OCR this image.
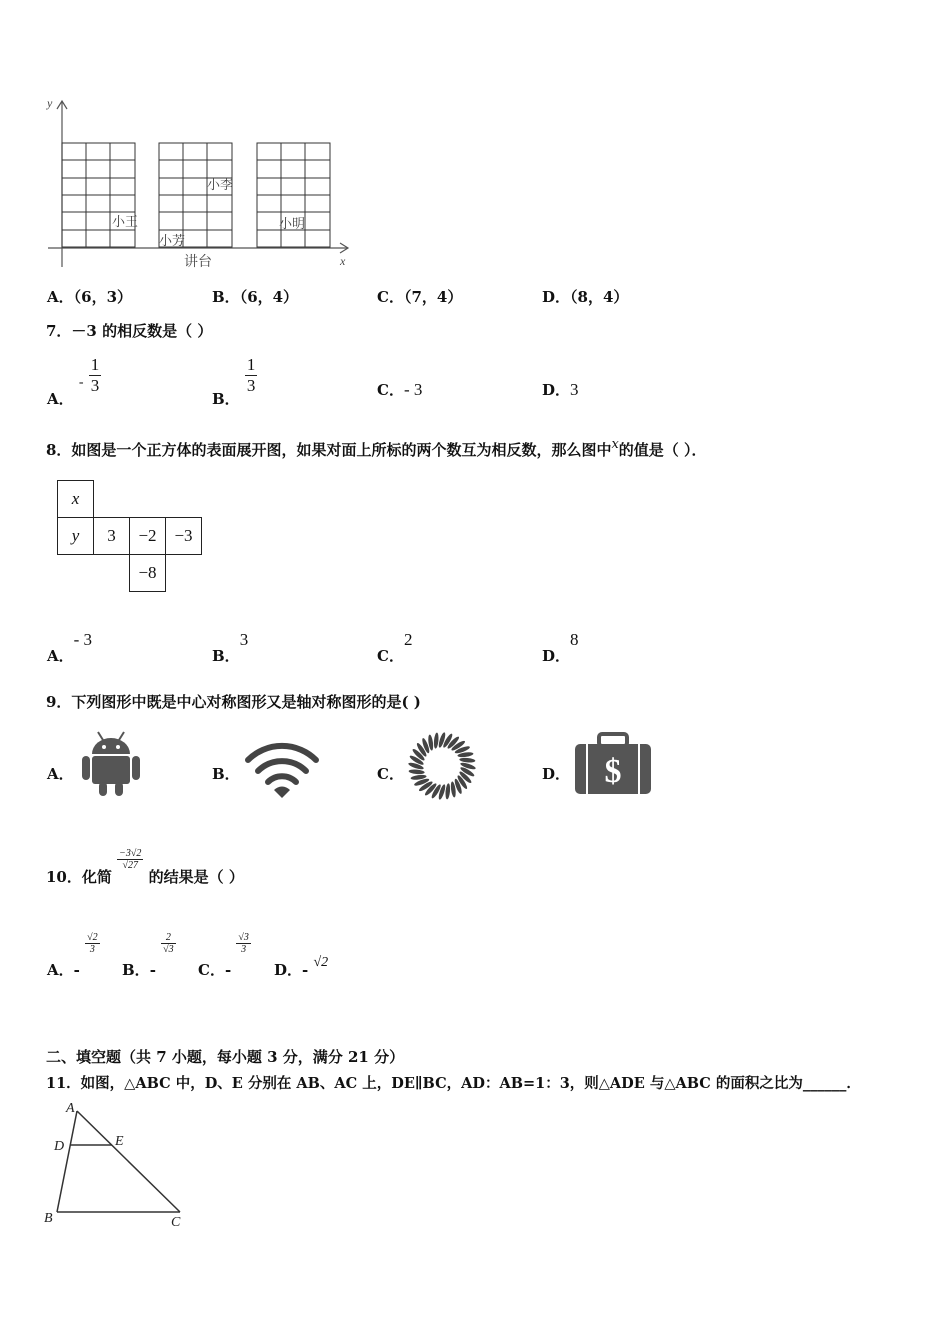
y
x
小王
小芳
小李
小明
讲台
A．（6，3）	B．（6，4）	C．（7，4）	D．（8，4）
7．－3 的相反数是（ ）
A． - $\frac{1}{3}$
B．
$\frac{1}{3}$	C．- 3	D．3
8．如图是一个正方体的表面展开图，如果对面上所标的两个数互为相反数，那么图中x的值是（ ）．
x			
y	3	−2	−3
		−8	
A．- 3
B．3
C．2
D．8
9．下列图形中既是中心对称图形又是轴对称图形的是( )
A．	B．	C．	D． $
10．化简
$\frac{-3√2}{√27}$
的结果是（ ）
A．-
$\frac{√2}{3}$
B．-
$\frac{2}{√3}$
C．-
$\frac{√3}{3}$
D．- √2
二、填空题（共 7 小题，每小题 3 分，满分 21 分）
11．如图，△ABC 中，D、E 分别在 AB、AC 上，DE∥BC，AD：AB=1：3，则△ADE 与△ABC 的面积之比为______．
A
D	E
B	C
